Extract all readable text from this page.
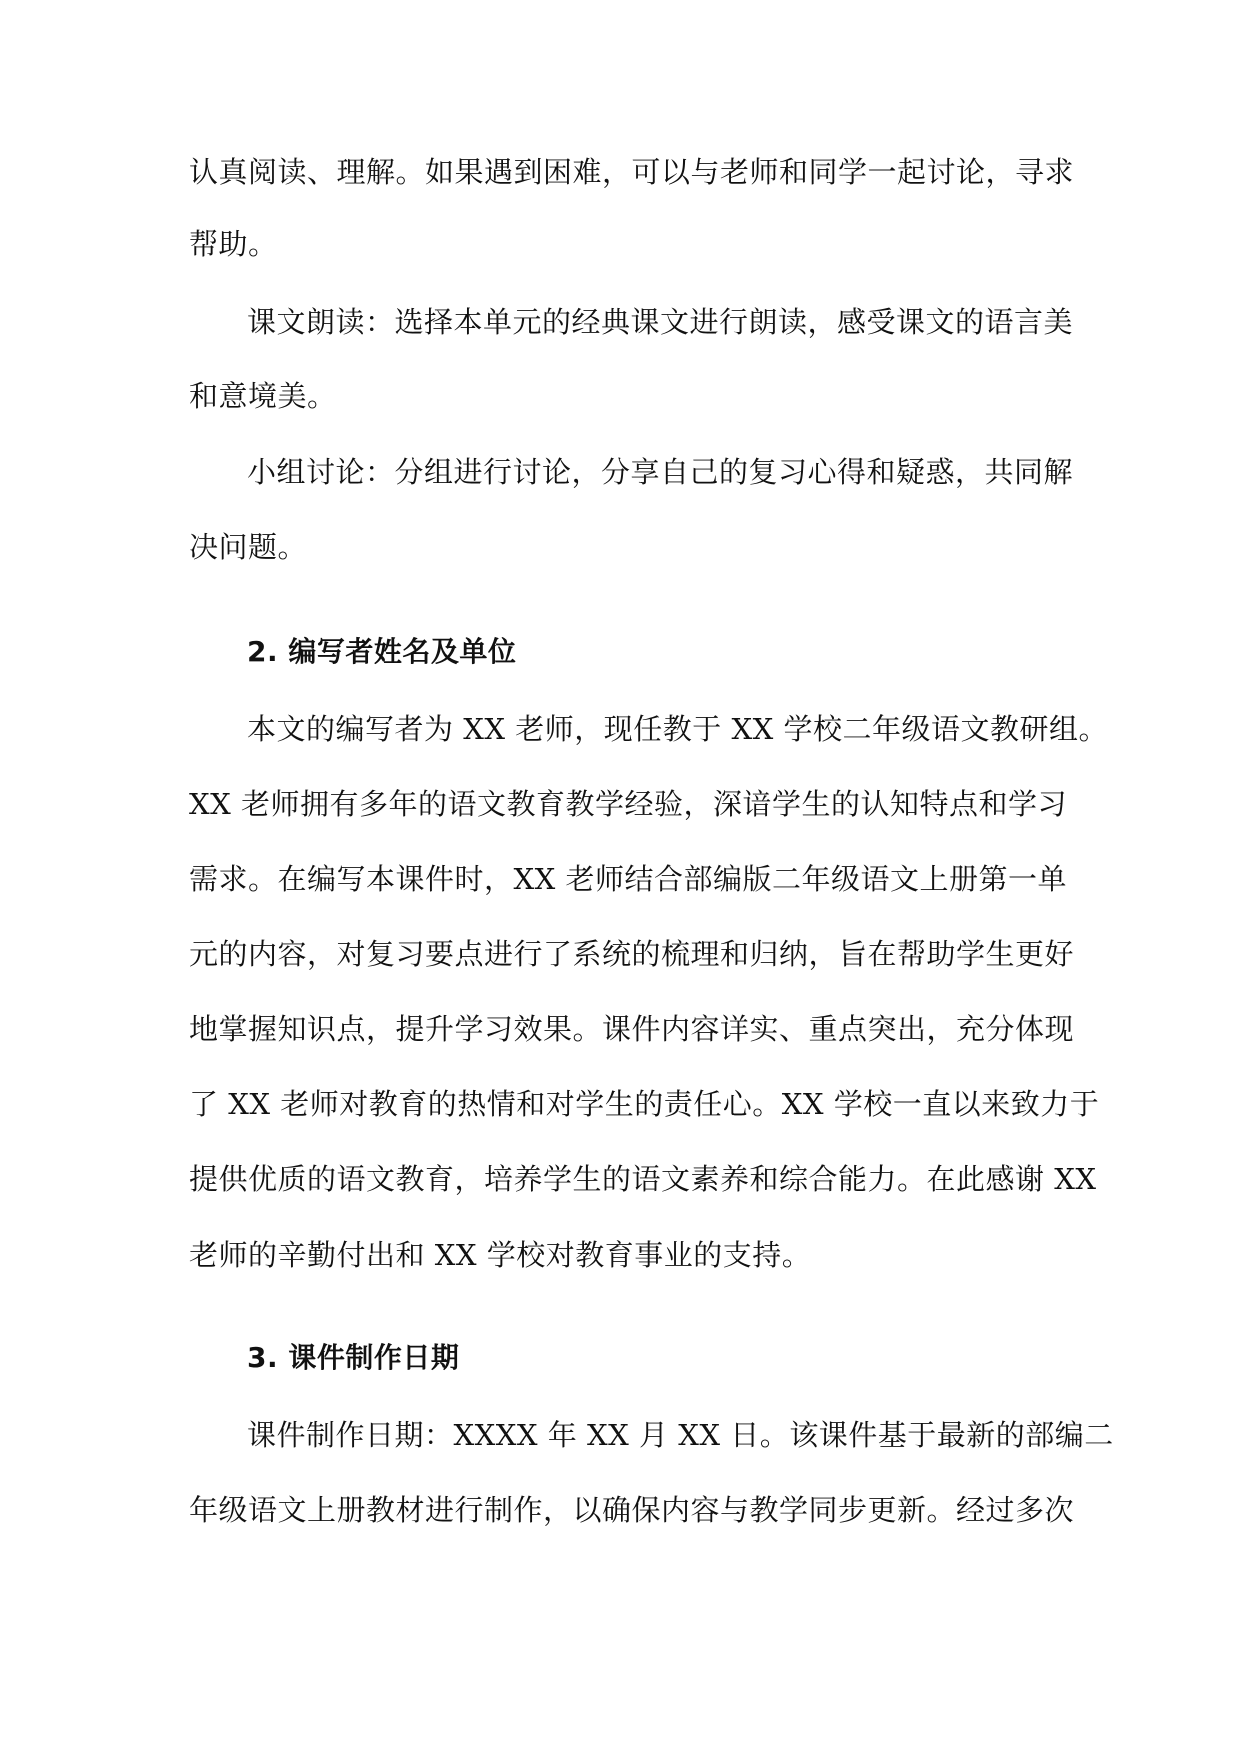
认真阅读、理解。如果遇到困难，可以与老师和同学一起讨论，寻求
帮助。
课文朗读：选择本单元的经典课文进行朗读，感受课文的语言美
和意境美。
小组讨论：分组进行讨论，分享自己的复习心得和疑惑，共同解
决问题。
2. 编写者姓名及单位
本文的编写者为 XX 老师，现任教于 XX 学校二年级语文教研组。
XX 老师拥有多年的语文教育教学经验，深谙学生的认知特点和学习
需求。在编写本课件时，XX 老师结合部编版二年级语文上册第一单
元的内容，对复习要点进行了系统的梳理和归纳，旨在帮助学生更好
地掌握知识点，提升学习效果。课件内容详实、重点突出，充分体现
了 XX 老师对教育的热情和对学生的责任心。XX 学校一直以来致力于
提供优质的语文教育，培养学生的语文素养和综合能力。在此感谢 XX
老师的辛勤付出和 XX 学校对教育事业的支持。
3. 课件制作日期
课件制作日期：XXXX 年 XX 月 XX 日。该课件基于最新的部编二
年级语文上册教材进行制作，以确保内容与教学同步更新。经过多次
